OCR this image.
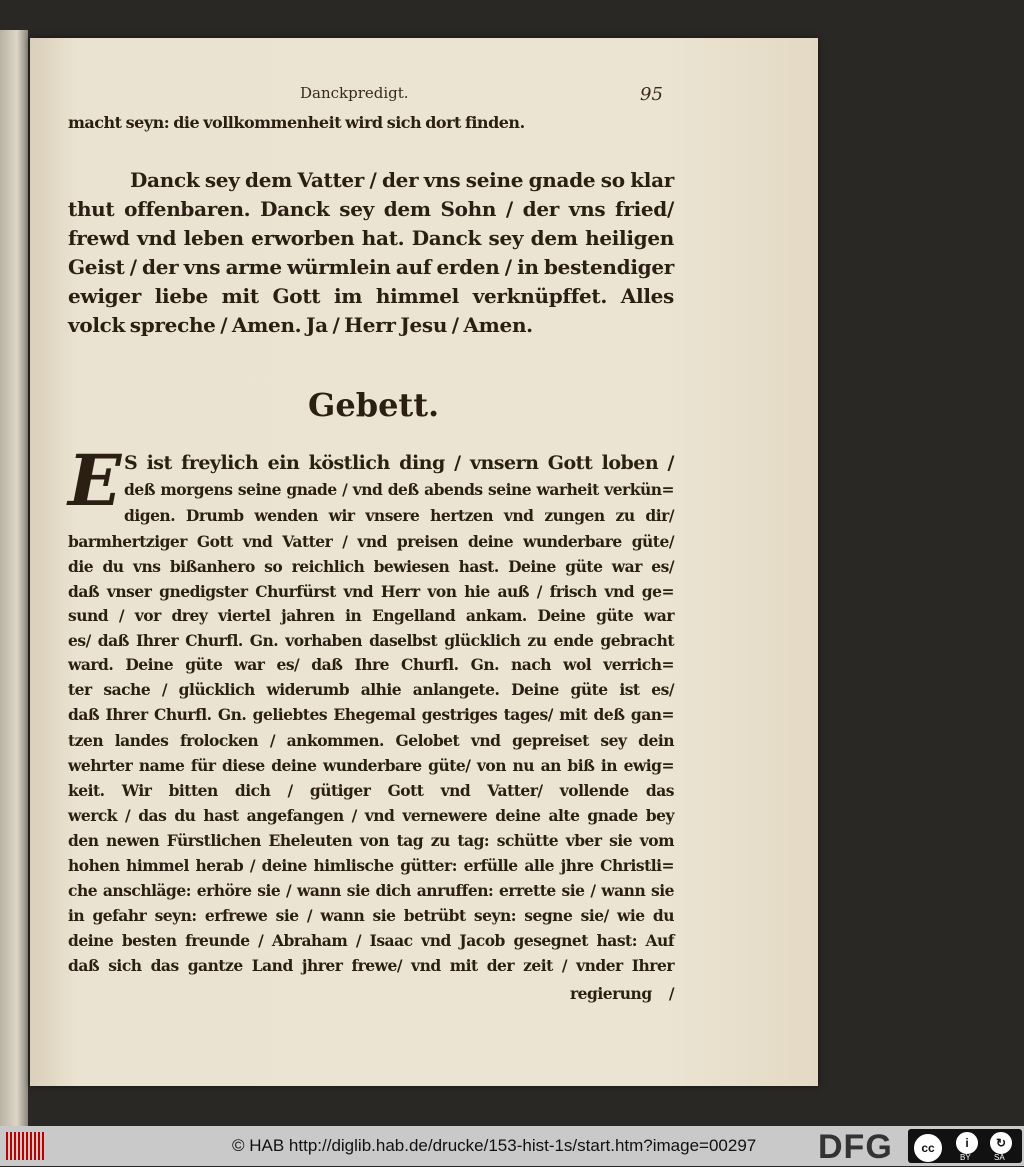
Danckpredigt.	95
macht seyn: die vollkommenheit wird sich dort finden.
Danck sey dem Vatter / der vns seine gnade so klar
thut offenbaren. Danck sey dem Sohn / der vns fried/
frewd vnd leben erworben hat. Danck sey dem heiligen
Geist / der vns arme würmlein auf erden / in bestendiger
ewiger liebe mit Gott im himmel verknüpffet. Alles
volck spreche / Amen. Ja / Herr Jesu / Amen.
S ist freylich ein köstlich ding / vnsern Gott loben /
deß morgens seine gnade / vnd deß abends seine warheit verkün=
digen. Drumb wenden wir vnsere hertzen vnd zungen zu dir/
barmhertziger Gott vnd Vatter / vnd preisen deine wunderbare güte/
die du vns bißanhero so reichlich bewiesen hast. Deine güte war es/
daß vnser gnedigster Churfürst vnd Herr von hie auß / frisch vnd ge=
sund / vor drey viertel jahren in Engelland ankam. Deine güte war
es/ daß Ihrer Churfl. Gn. vorhaben daselbst glücklich zu ende gebracht
ward. Deine güte war es/ daß Ihre Churfl. Gn. nach wol verrich=
ter sache / glücklich widerumb alhie anlangete. Deine güte ist es/
daß Ihrer Churfl. Gn. geliebtes Ehegemal gestriges tages/ mit deß gan=
tzen landes frolocken / ankommen. Gelobet vnd gepreiset sey dein
wehrter name für diese deine wunderbare güte/ von nu an biß in ewig=
keit. Wir bitten dich / gütiger Gott vnd Vatter/ vollende das
werck / das du hast angefangen / vnd vernewere deine alte gnade bey
den newen Fürstlichen Eheleuten von tag zu tag: schütte vber sie vom
hohen himmel herab / deine himlische gütter: erfülle alle jhre Christli=
che anschläge: erhöre sie / wann sie dich anruffen: errette sie / wann sie
in gefahr seyn: erfrewe sie / wann sie betrübt seyn: segne sie/ wie du
deine besten freunde / Abraham / Isaac vnd Jacob gesegnet hast: Auf
daß sich das gantze Land jhrer frewe/ vnd mit der zeit / vnder Ihrer
regierung /
Gebett.
E
© HAB http://diglib.hab.de/drucke/153-hist-1s/start.htm?image=00297 DFG	cc	i	↻
BY	SA
